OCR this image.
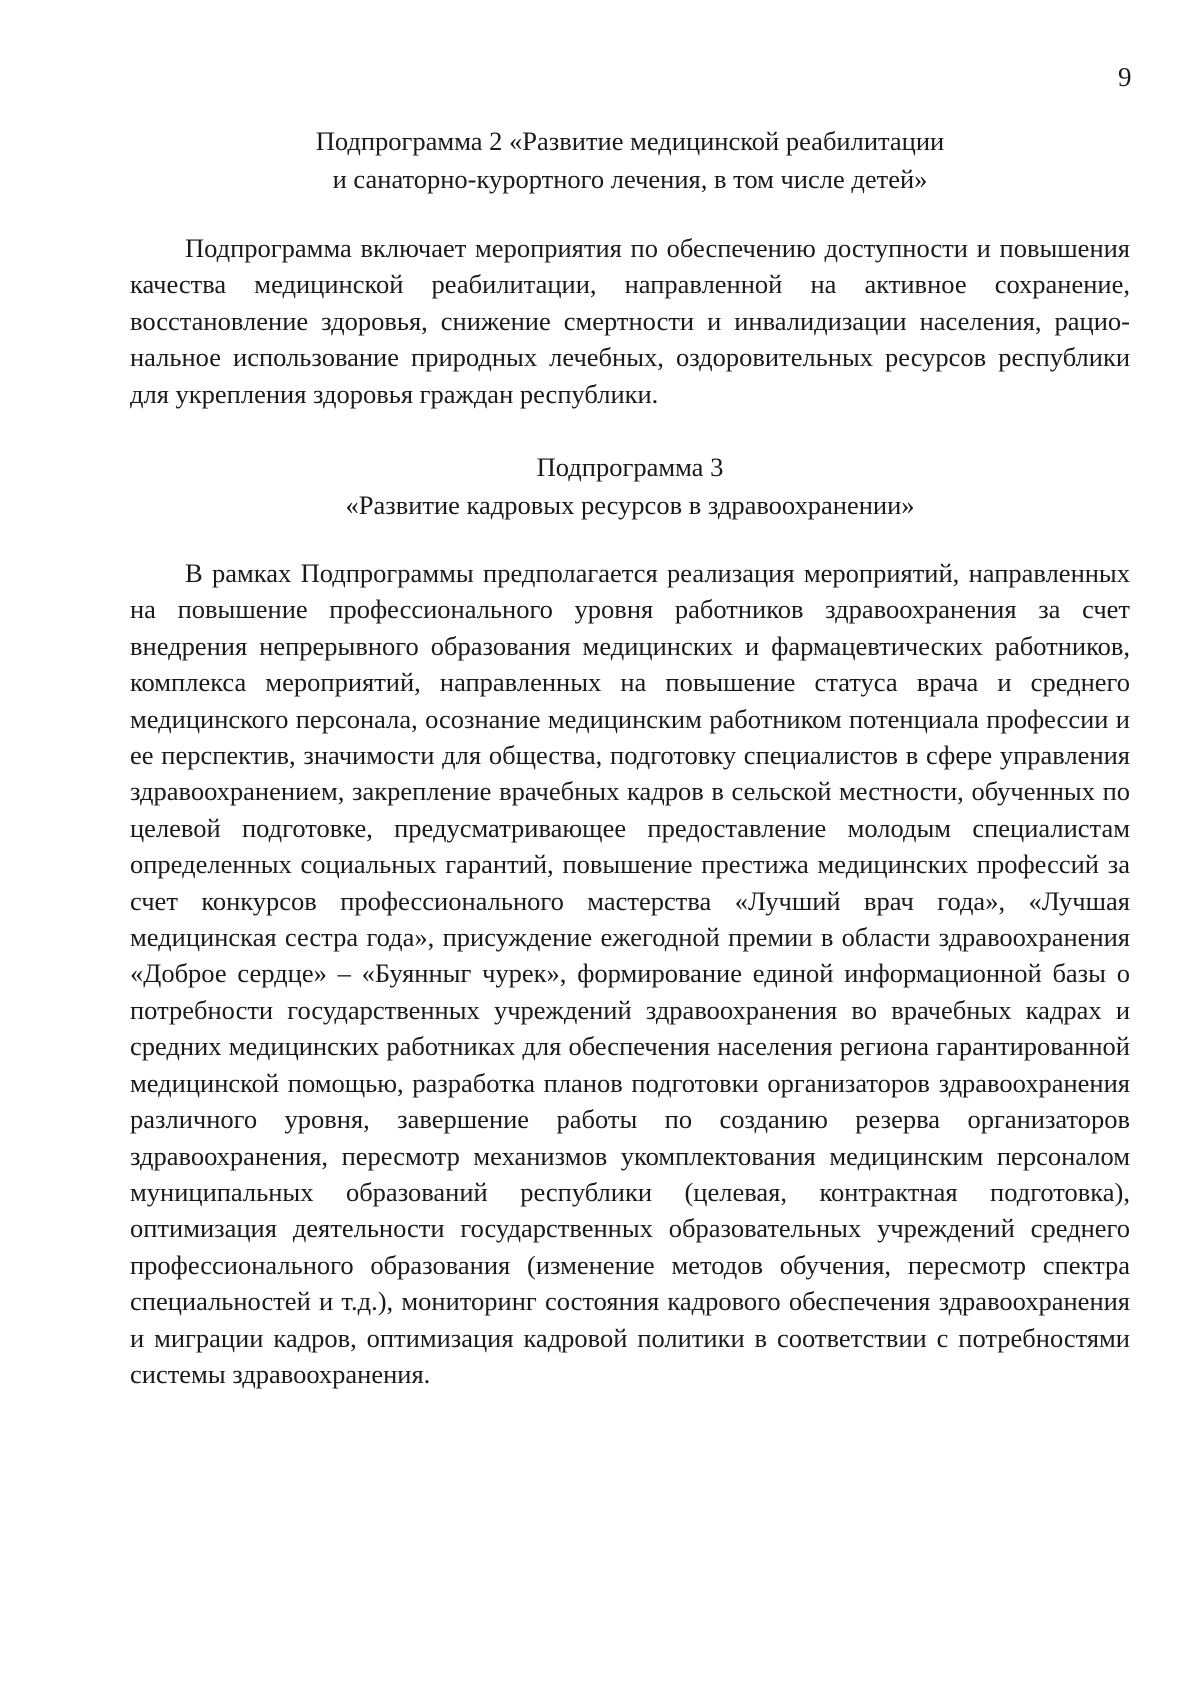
9
Подпрограмма 2 «Развитие медицинской реабилитации
и санаторно-курортного лечения, в том числе детей»

Подпрограмма включает мероприятия по обеспечению доступности и повышения качества медицинской реабилитации, направленной на активное сохранение, восстановление здоровья, снижение смертности и инвалидизации населения, рациональное использование природных лечебных, оздоровительных ресурсов республики для укрепления здоровья граждан республики.

Подпрограмма 3
«Развитие кадровых ресурсов в здравоохранении»

В рамках Подпрограммы предполагается реализация мероприятий, направленных на повышение профессионального уровня работников здравоохранения за счет внедрения непрерывного образования медицинских и фармацевтических работников, комплекса мероприятий, направленных на повышение статуса врача и среднего медицинского персонала, осознание медицинским работником потенциала профессии и ее перспектив, значимости для общества, подготовку специалистов в сфере управления здравоохранением, закрепление врачебных кадров в сельской местности, обученных по целевой подготовке, предусматривающее предоставление молодым специалистам определенных социальных гарантий, повышение престижа медицинских профессий за счет конкурсов профессионального мастерства «Лучший врач года», «Лучшая медицинская сестра года», присуждение ежегодной премии в области здравоохранения «Доброе сердце» – «Буянныг чурек», формирование единой информационной базы о потребности государственных учреждений здравоохранения во врачебных кадрах и средних медицинских работниках для обеспечения населения региона гарантированной медицинской помощью, разработка планов подготовки организаторов здравоохранения различного уровня, завершение работы по созданию резерва организаторов здравоохранения, пересмотр механизмов укомплектования медицинским персоналом муниципальных образований республики (целевая, контрактная подготовка), оптимизация деятельности государственных образовательных учреждений среднего профессионального образования (изменение методов обучения, пересмотр спектра специальностей и т.д.), мониторинг состояния кадрового обеспечения здравоохранения и миграции кадров, оптимизация кадровой политики в соответствии с потребностями системы здравоохранения.
